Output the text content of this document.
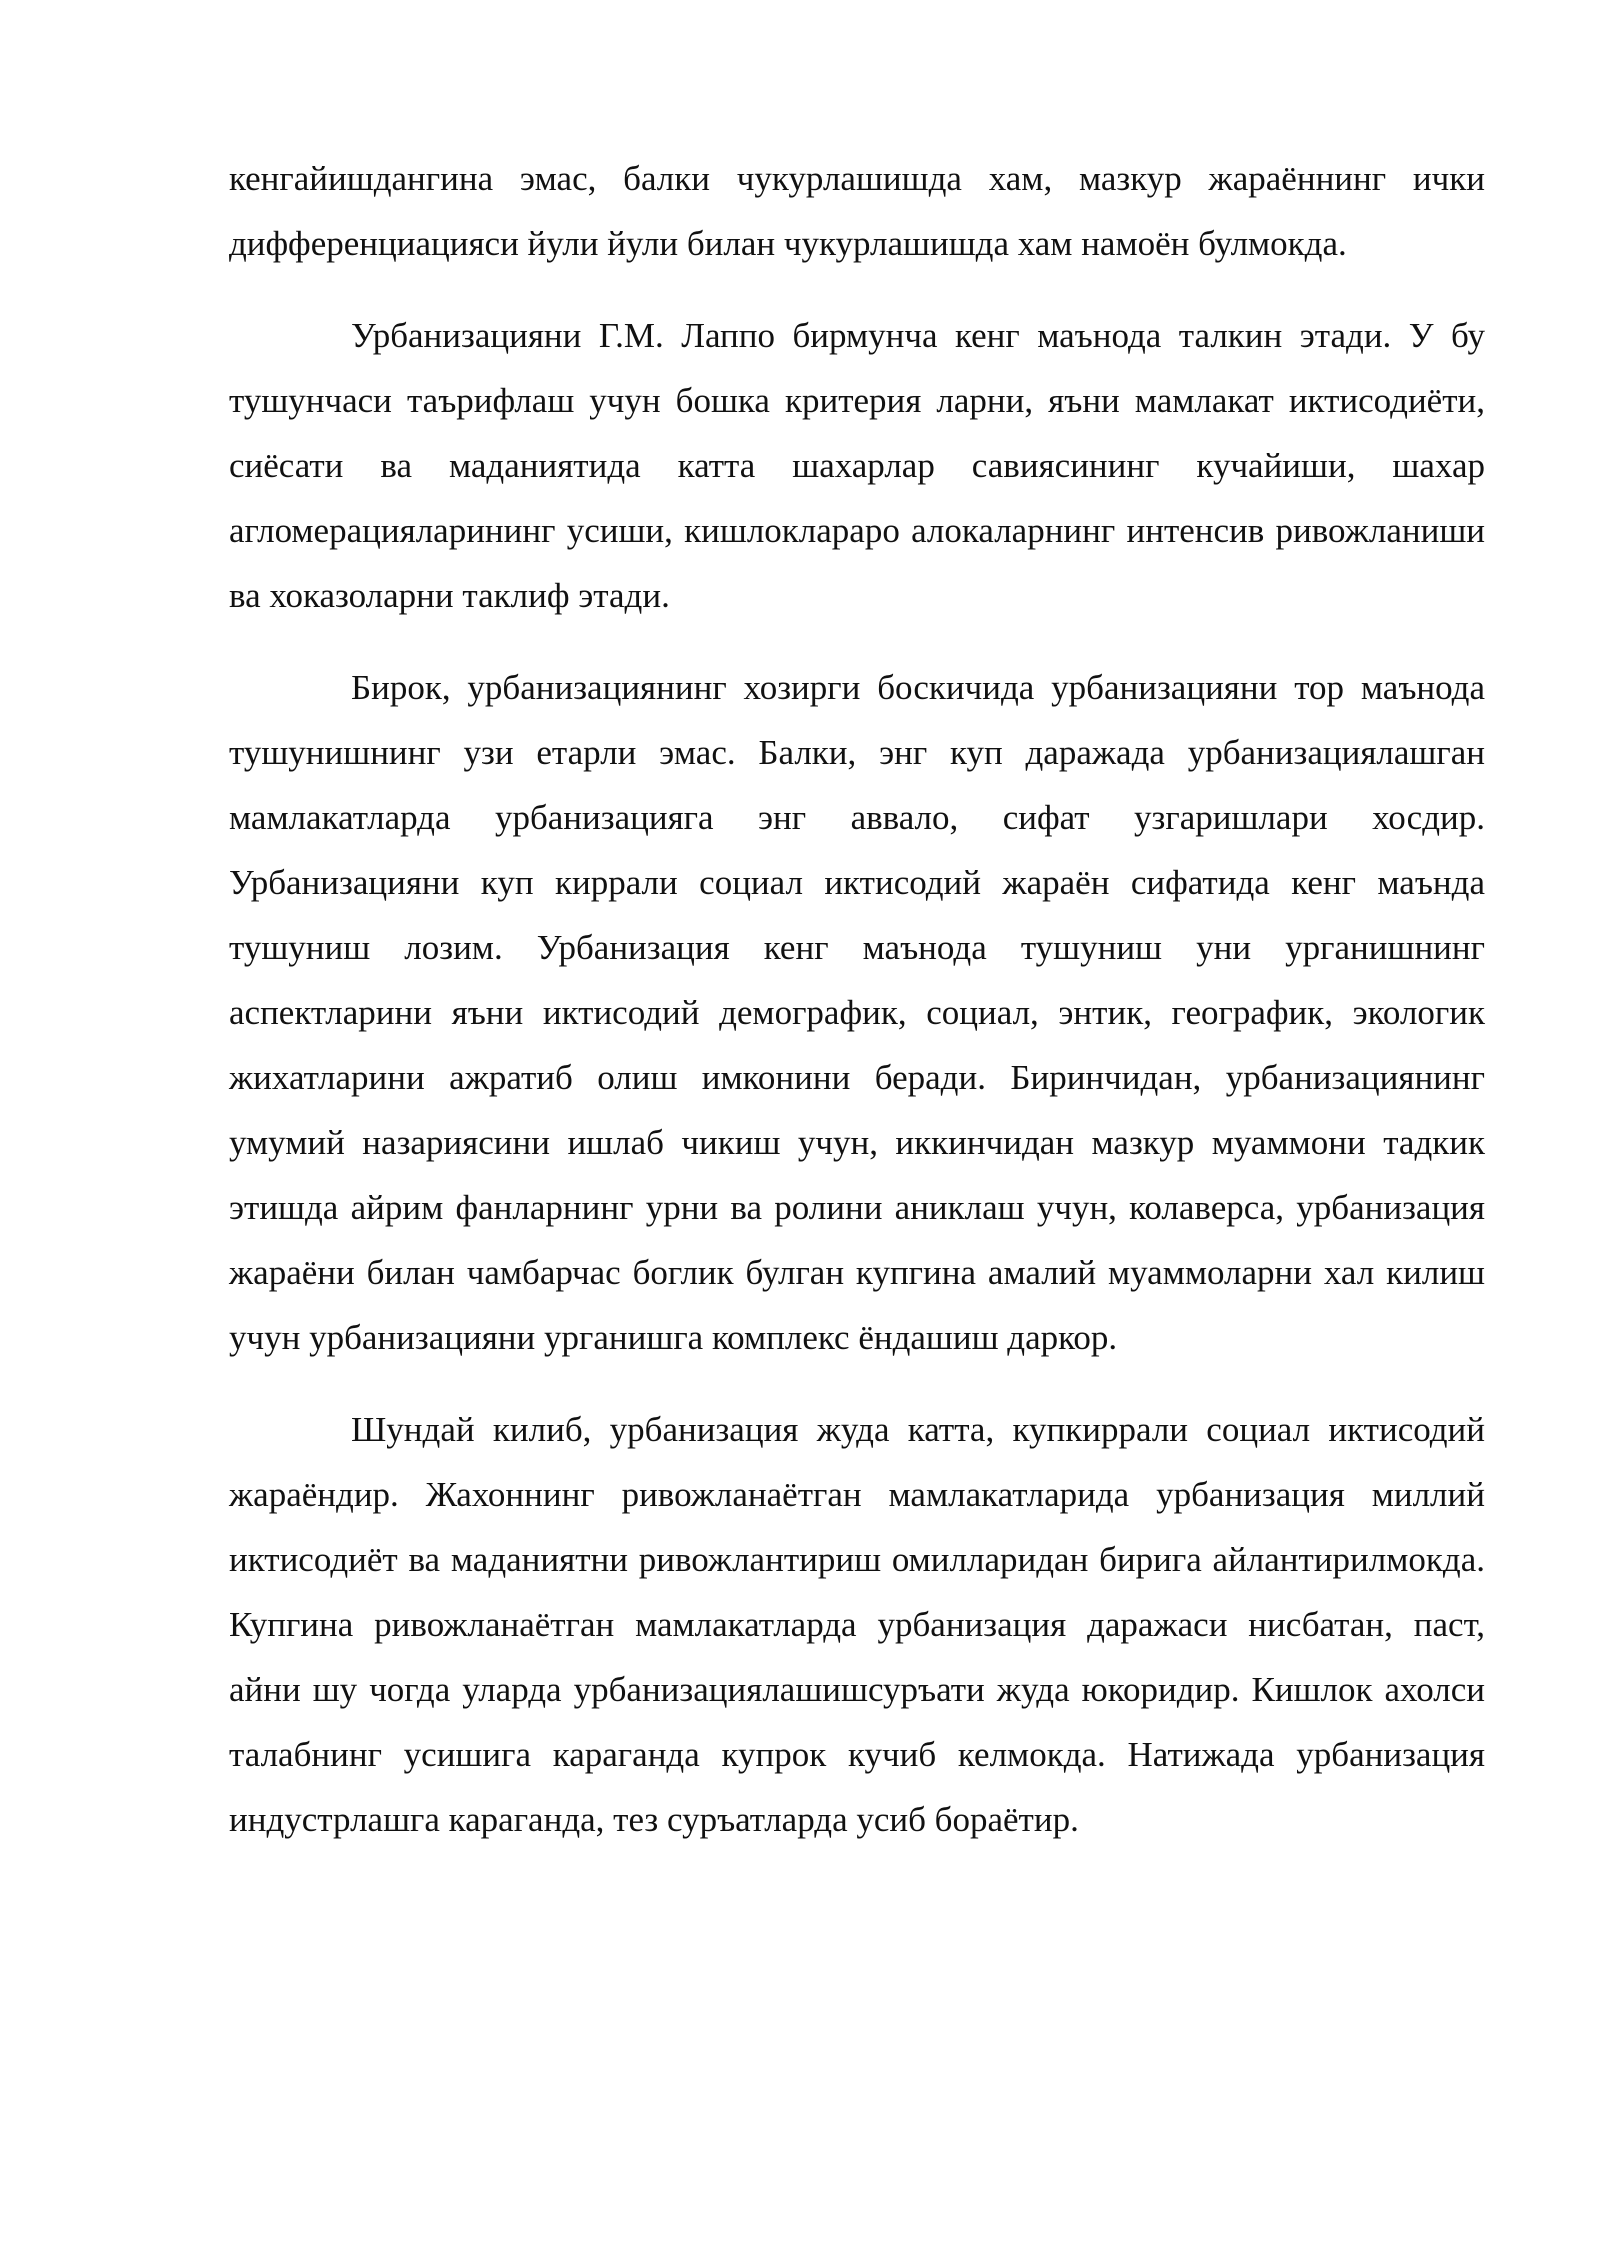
кенгайишдангина эмас, балки чукурлашишда хам, мазкур жараённинг ички дифференциацияси йули йули билан чукурлашишда хам намоён булмокда.

Урбанизацияни Г.М. Лаппо бирмунча кенг маънода талкин этади. У бу тушунчаси таърифлаш учун бошка критерия ларни, яъни мамлакат иктисодиёти, сиёсати ва маданиятида катта шахарлар савиясининг кучайиши, шахар агломерацияларининг усиши, кишлоклараро алокаларнинг интенсив ривожланиши ва хоказоларни таклиф этади.

Бирок, урбанизациянинг хозирги боскичида урбанизацияни тор маънода тушунишнинг узи етарли эмас. Балки, энг куп даражада урбанизациялашган мамлакатларда урбанизацияга энг аввало, сифат узгаришлари хосдир. Урбанизацияни куп киррали социал иктисодий жараён сифатида кенг маънда тушуниш лозим. Урбанизация кенг маънода тушуниш уни урганишнинг аспектларини яъни иктисодий демографик, социал, энтик, географик, экологик жихатларини ажратиб олиш имконини беради. Биринчидан, урбанизациянинг умумий назариясини ишлаб чикиш учун, иккинчидан мазкур муаммони тадкик этишда айрим фанларнинг урни ва ролини аниклаш учун, колаверса, урбанизация жараёни билан чамбарчас боглик булган купгина амалий муаммоларни хал килиш учун урбанизацияни урганишга комплекс ёндашиш даркор.

Шундай килиб, урбанизация жуда катта, купкиррали социал иктисодий жараёндир. Жахоннинг ривожланаётган мамлакатларида урбанизация миллий иктисодиёт ва маданиятни ривожлантириш омилларидан бирига айлантирилмокда. Купгина ривожланаётган мамлакатларда урбанизация даражаси нисбатан, паст, айни шу чогда уларда урбанизациялашишсуръати жуда юкоридир. Кишлок ахолси талабнинг усишига караганда купрок кучиб келмокда. Натижада урбанизация индустрлашга караганда, тез суръатларда усиб бораётир.
